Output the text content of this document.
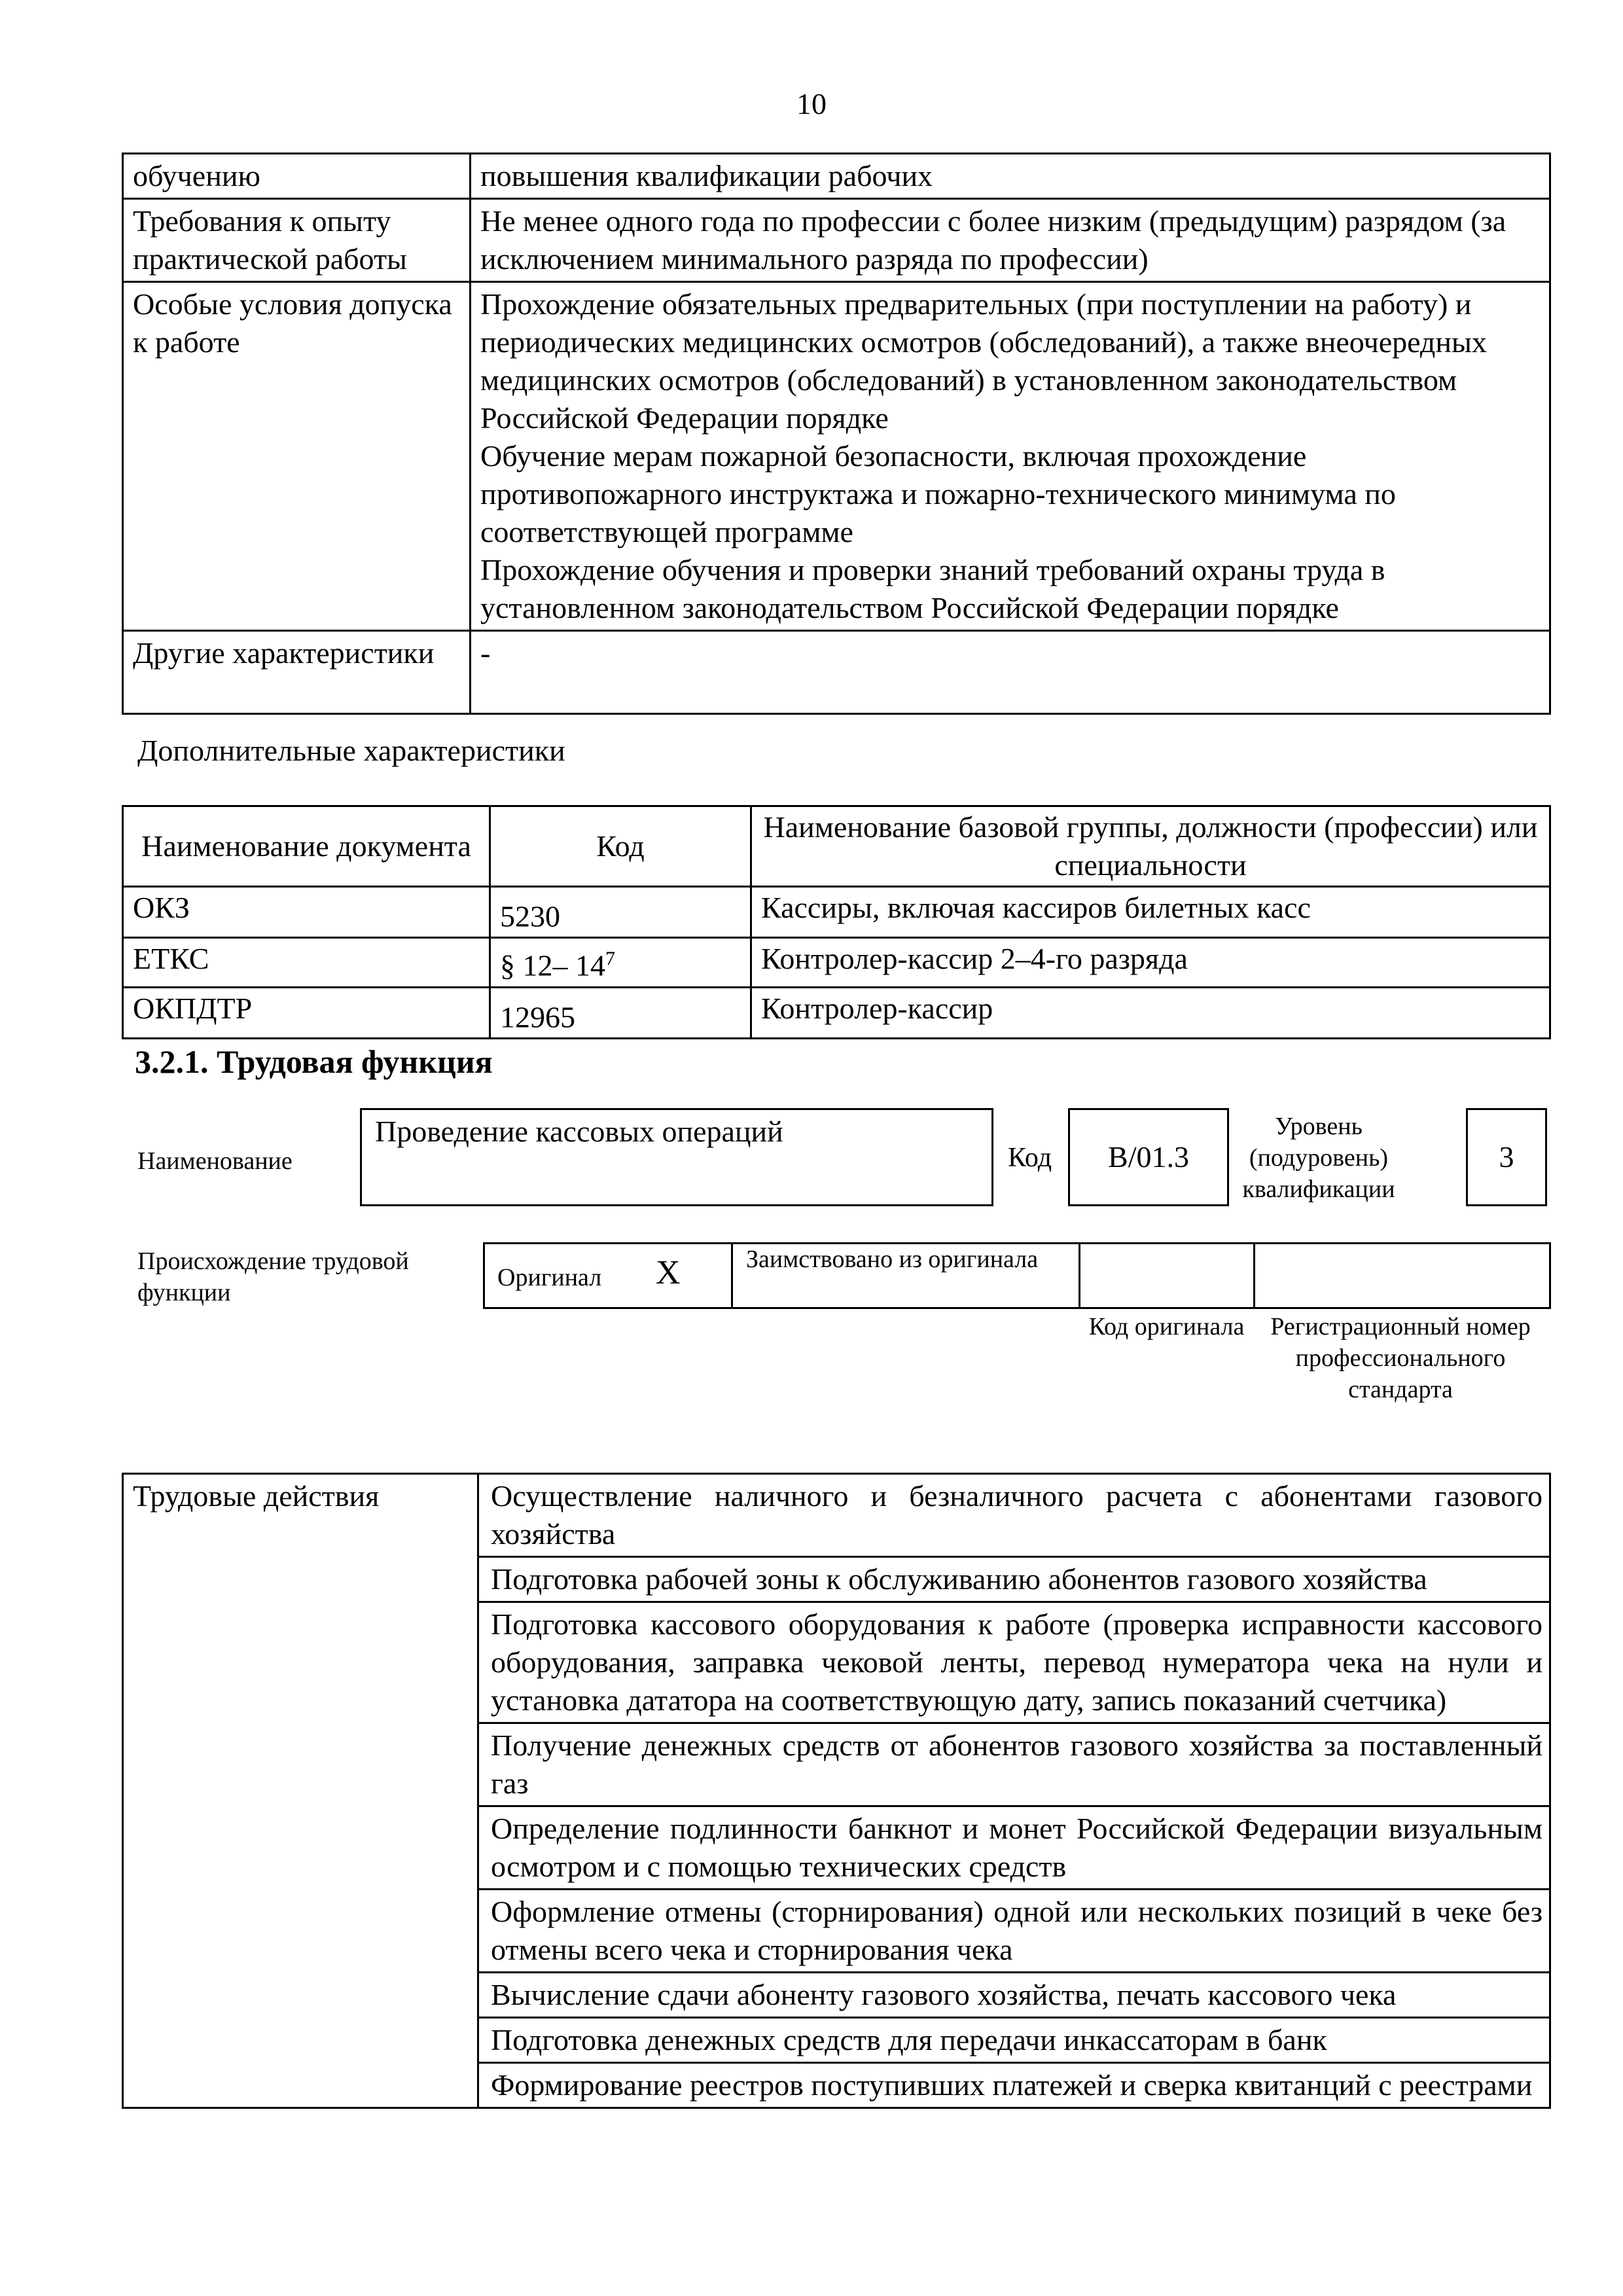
10
обучению	повышения квалификации рабочих

Требования к опыту практической работы	Не менее одного года по профессии с более низким (предыдущим) разрядом (за исключением минимального разряда по профессии)

Особые условия допуска к работе	Прохождение обязательных предварительных (при поступлении на работу) и периодических медицинских осмотров (обследований), а также внеочередных медицинских осмотров (обследований) в установленном законодательством Российской Федерации порядке
Обучение мерам пожарной безопасности, включая прохождение противопожарного инструктажа и пожарно-технического минимума по соответствующей программе
Прохождение обучения и проверки знаний требований охраны труда в установленном законодательством Российской Федерации порядке

Другие характеристики	-
Дополнительные характеристики
Наименование документа	Код	Наименование базовой группы, должности (профессии) или специальности
ОКЗ	5230	Кассиры, включая кассиров билетных касс
ЕТКС	§ 12– $14^7$	Контролер-кассир 2–4-го разряда
ОКПДТР	12965	Контролер-кассир
3.2.1. Трудовая функция
Наименование
Проведение кассовых операций
Код	B/01.3
Уровень (подуровень) квалификации
3
Происхождение трудовой функции
Оригинал X	Заимствовано из оригинала
Код оригинала	Регистрационный номер профессионального стандарта
Трудовые действия	Осуществление наличного и безналичного расчета с абонентами газового хозяйства
Подготовка рабочей зоны к обслуживанию абонентов газового хозяйства
Подготовка кассового оборудования к работе (проверка исправности кассового оборудования, заправка чековой ленты, перевод нумератора чека на нули и установка дататора на соответствующую дату, запись показаний счетчика)
Получение денежных средств от абонентов газового хозяйства за поставленный газ
Определение подлинности банкнот и монет Российской Федерации визуальным осмотром и с помощью технических средств
Оформление отмены (сторнирования) одной или нескольких позиций в чеке без отмены всего чека и сторнирования чека
Вычисление сдачи абоненту газового хозяйства, печать кассового чека
Подготовка денежных средств для передачи инкассаторам в банк
Формирование реестров поступивших платежей и сверка квитанций с реестрами
